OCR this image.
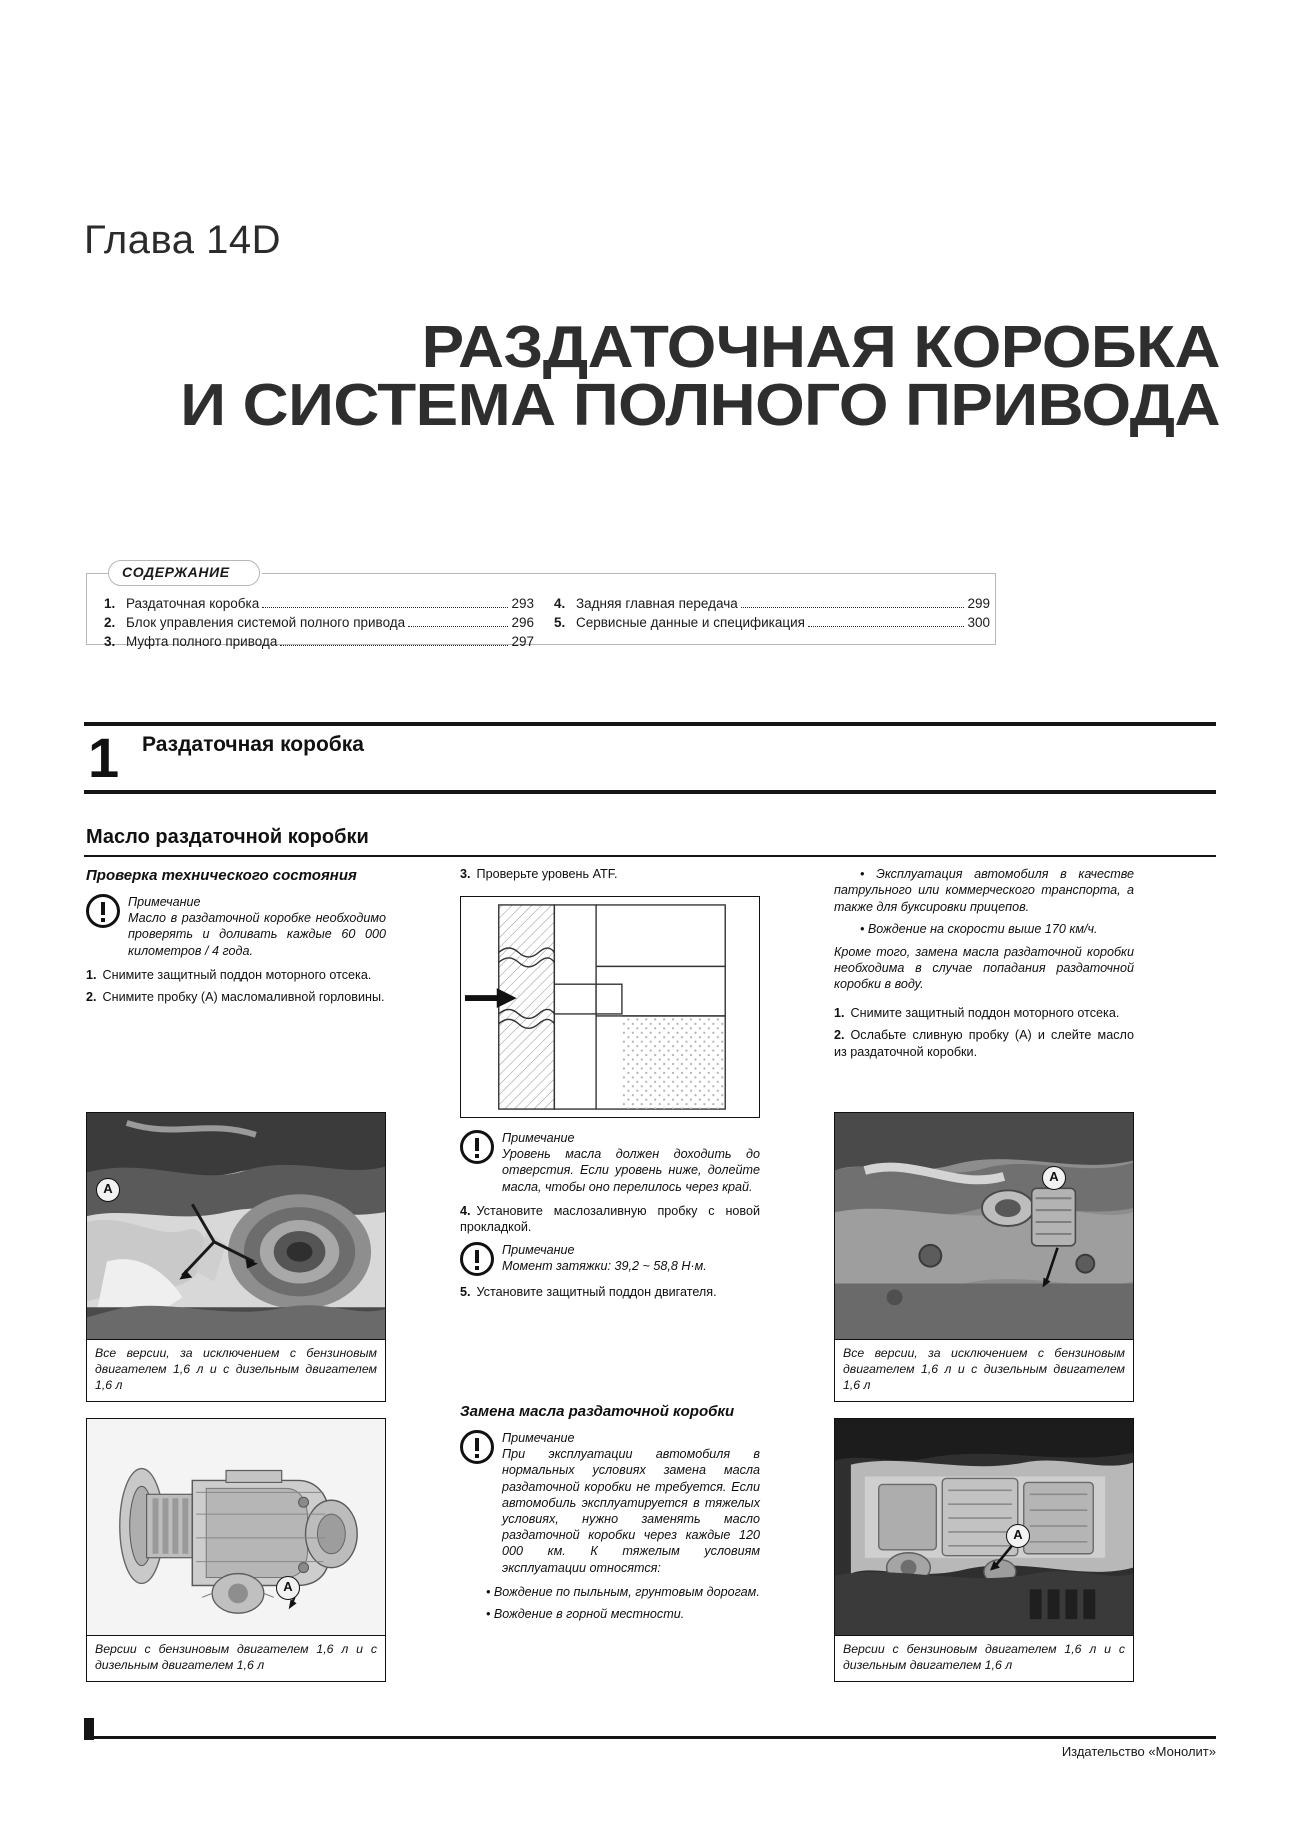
Глава 14D
РАЗДАТОЧНАЯ КОРОБКА
И СИСТЕМА ПОЛНОГО ПРИВОДА
СОДЕРЖАНИЕ
1. Раздаточная коробка	293
2. Блок управления системой полного привода	296
3. Муфта полного привода	297
4. Задняя главная передача	299
5. Сервисные данные и спецификация	300
1 Раздаточная коробка
Масло раздаточной коробки
Проверка технического состояния
Примечание
Масло в раздаточной коробке необходимо проверять и доливать каждые 60 000 километров / 4 года.

1. Снимите защитный поддон моторного отсека.

2. Снимите пробку (A) масломаливной горловины.

A
Все версии, за исключением с бензиновым двигателем 1,6 л и с дизельным двигателем 1,6 л
A
Версии с бензиновым двигателем 1,6 л и с дизельным двигателем 1,6 л

3. Проверьте уровень ATF.

Примечание
Уровень масла должен доходить до отверстия. Если уровень ниже, долейте масла, чтобы оно перелилось через край.

4. Установите маслозаливную пробку с новой прокладкой.

Примечание
Момент затяжки: 39,2 ~ 58,8 Н·м.

5. Установите защитный поддон двигателя.

Замена масла раздаточной коробки
Примечание
При эксплуатации автомобиля в нормальных условиях замена масла раздаточной коробки не требуется. Если автомобиль эксплуатируется в тяжелых условиях, нужно заменять масло раздаточной коробки через каждые 120 000 км. К тяжелым условиям эксплуатации относятся:

• Вождение по пыльным, грунтовым дорогам.

• Вождение в горной местности.

• Эксплуатация автомобиля в качестве патрульного или коммерческого транспорта, а также для буксировки прицепов.

• Вождение на скорости выше 170 км/ч.

Кроме того, замена масла раздаточной коробки необходима в случае попадания раздаточной коробки в воду.

1. Снимите защитный поддон моторного отсека.

2. Ослабьте сливную пробку (A) и слейте масло из раздаточной коробки.

A
Все версии, за исключением с бензиновым двигателем 1,6 л и с дизельным двигателем 1,6 л
A
Версии с бензиновым двигателем 1,6 л и с дизельным двигателем 1,6 л
Издательство «Монолит»
